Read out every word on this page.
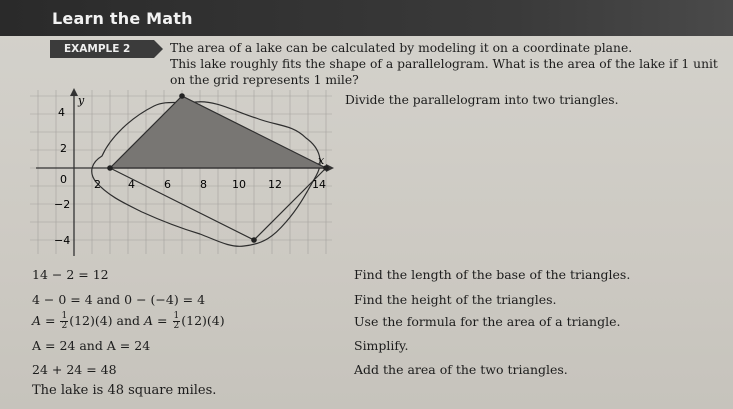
Learn the Math
EXAMPLE 2	The area of a lake can be calculated by modeling it on a coordinate plane.
This lake roughly fits the shape of a parallelogram. What is the area of the lake if 1 unit
on the grid represents 1 mile?
Divide the parallelogram into two triangles.
y
x
4
2
−2
−4
0 2 4	6	8 10 12	14
14 − 2 = 12	Find the length of the base of the triangles.
4 − 0 = 4 and 0 − (−4) = 4	Find the height of the triangles.
$A = \frac{1}{2} (12)(4)$ and $A = \frac{1}{2} (12)(4)$	Use the formula for the area of a triangle.
A = 24 and A = 24	Simplify.
24 + 24 = 48	Add the area of the two triangles.
The lake is 48 square miles.
